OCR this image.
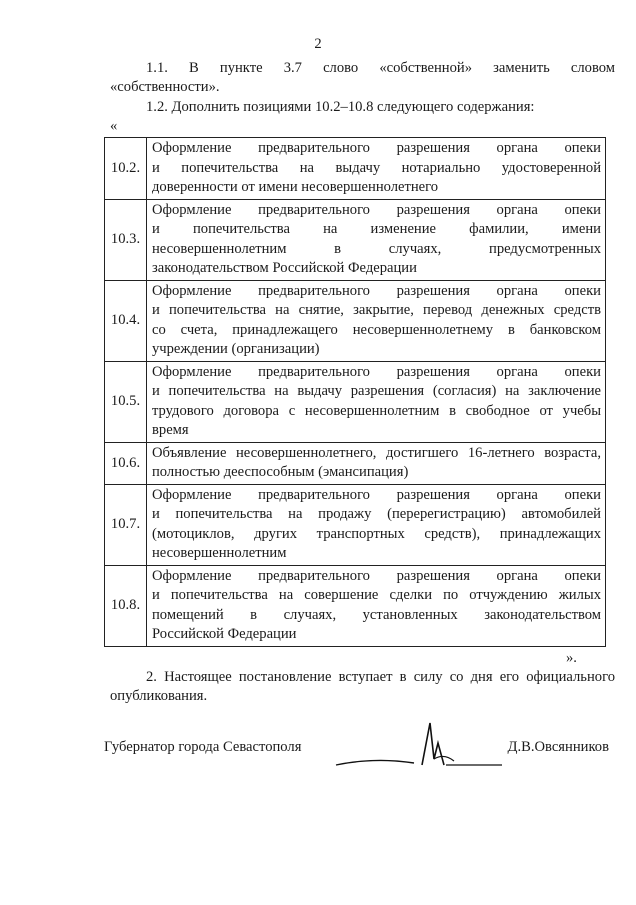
2
1.1. В пункте 3.7 слово «собственной» заменить словом
«собственности».
1.2. Дополнить позициями 10.2–10.8 следующего содержания:
«
10.2.	Оформление предварительного разрешения органа опеки
и попечительства на выдачу нотариально удостоверенной
доверенности от имени несовершеннолетнего

10.3.	Оформление предварительного разрешения органа опеки
и попечительства на изменение фамилии, имени
несовершеннолетним в случаях, предусмотренных
законодательством Российской Федерации

10.4.	Оформление предварительного разрешения органа опеки
и попечительства на снятие, закрытие, перевод денежных средств
со счета, принадлежащего несовершеннолетнему в банковском
учреждении (организации)

10.5.	Оформление предварительного разрешения органа опеки
и попечительства на выдачу разрешения (согласия) на заключение
трудового договора с несовершеннолетним в свободное от учебы
время

10.6.	Объявление несовершеннолетнего, достигшего 16-летнего возраста,
полностью дееспособным (эмансипация)

10.7.	Оформление предварительного разрешения органа опеки
и попечительства на продажу (перерегистрацию) автомобилей
(мотоциклов, других транспортных средств), принадлежащих
несовершеннолетним

10.8.	Оформление предварительного разрешения органа опеки
и попечительства на совершение сделки по отчуждению жилых
помещений в случаях, установленных законодательством
Российской Федерации
».
2. Настоящее постановление вступает в силу со дня его официального опубликования.
Губернатор города Севастополя	Д.В.Овсянников
